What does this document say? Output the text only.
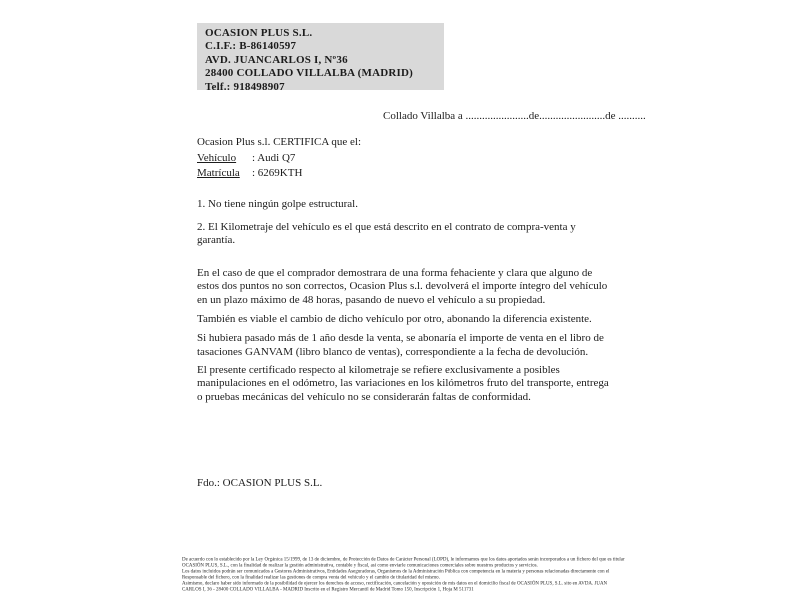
OCASION PLUS S.L.
C.I.F.: B-86140597
AVD. JUANCARLOS I, Nº36
28400 COLLADO VILLALBA (MADRID)
Telf.: 918498907
Collado Villalba a .......................de........................de ..........
Ocasion Plus s.l. CERTIFICA que el:
Vehículo : Audi Q7
Matrícula : 6269KTH
1. No tiene ningún golpe estructural.
2. El Kilometraje del vehículo es el que está descrito en el contrato de compra-venta y garantía.
En el caso de que el comprador demostrara de una forma fehaciente y clara que alguno de estos dos puntos no son correctos, Ocasion Plus s.l. devolverá el importe íntegro del vehículo en un plazo máximo de 48 horas, pasando de nuevo el vehículo a su propiedad.
También es viable el cambio de dicho vehículo por otro, abonando la diferencia existente.
Si hubiera pasado más de 1 año desde la venta, se abonaría el importe de venta en el libro de tasaciones GANVAM (libro blanco de ventas), correspondiente a la fecha de devolución.
El presente certificado respecto al kilometraje se refiere exclusivamente a posibles manipulaciones en el odómetro, las variaciones en los kilómetros fruto del transporte, entrega o pruebas mecánicas del vehículo no se considerarán faltas de conformidad.
Fdo.: OCASION PLUS S.L.
De acuerdo con lo establecido por la Ley Orgánica 15/1999, de 13 de diciembre, de Protección de Datos de Carácter Personal (LOPD), le informamos que los datos aportados serán incorporados a un fichero del que es titular
OCASIÓN PLUS, S.L., con la finalidad de realizar la gestión administrativa, contable y fiscal, así como enviarle comunicaciones comerciales sobre nuestros productos y servicios.
Los datos incluidos podrán ser comunicados a Gestores Administrativos, Entidades Aseguradoras, Organismos de la Administración Pública con competencia en la materia y personas relacionadas directamente con el
Responsable del fichero, con la finalidad realizar las gestiones de compra venta del vehículo y el cambio de titularidad del mismo.
Asimismo, declaro haber sido informado de la posibilidad de ejercer los derechos de acceso, rectificación, cancelación y oposición de mis datos en el domicilio fiscal de OCASIÓN PLUS, S.L. sito en AVDA. JUAN
CARLOS I, 36 - 28400 COLLADO VILLALBA - MADRID Inscrito en el Registro Mercantil de Madrid Tomo 150, Inscripción 1, Hoja M 511731
